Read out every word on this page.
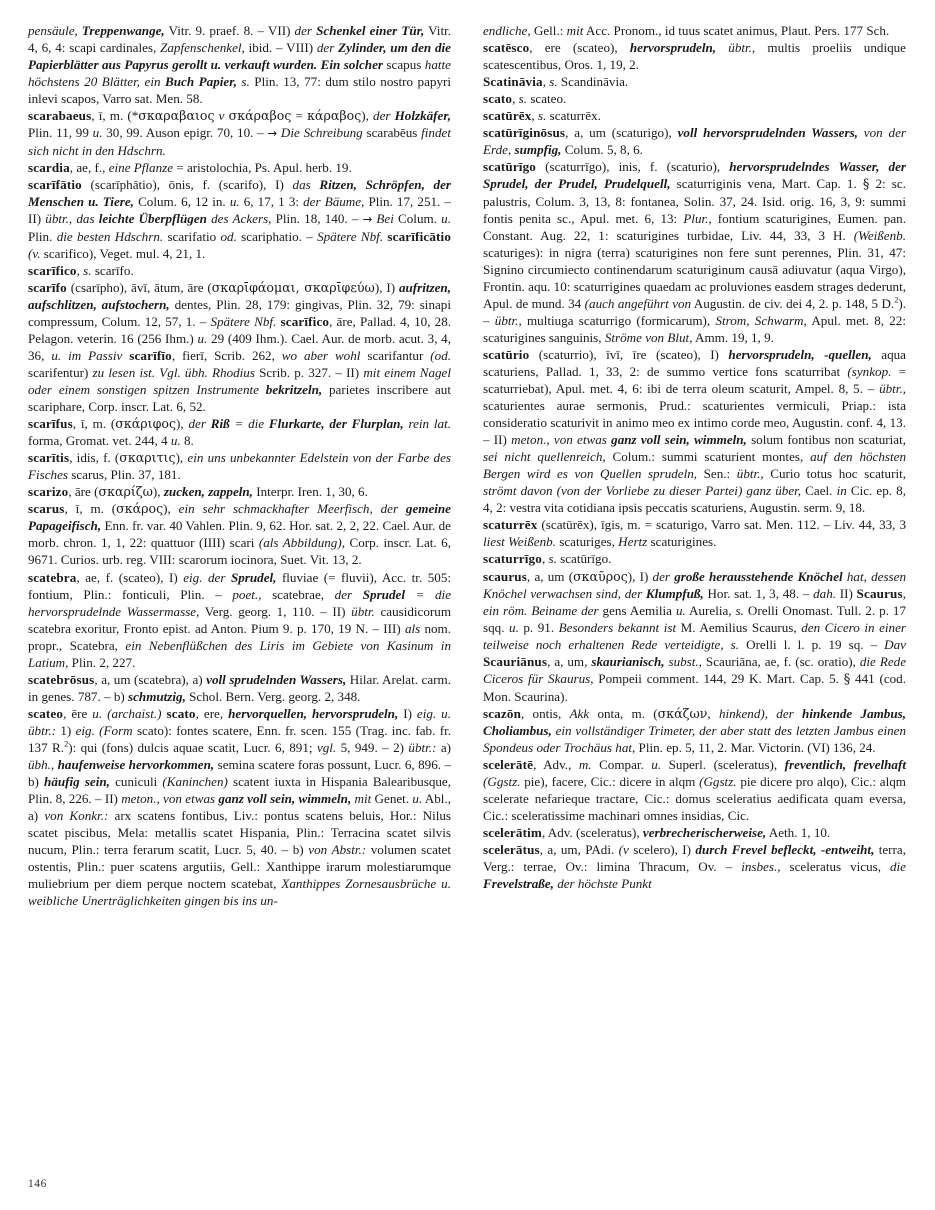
pensäule, Treppenwange, Vitr. 9. praef. 8. – VII) der Schenkel einer Tür, Vitr. 4, 6, 4: scapi cardinales, Zapfenschenkel, ibid. – VIII) der Zylinder, um den die Papierblätter aus Papyrus gerollt u. verkauft wurden. Ein solcher scapus hatte höchstens 20 Blätter, ein Buch Papier, s. Plin. 13, 77: dum stilo nostro papyri inlevi scapos, Varro sat. Men. 58.

scarabaeus, ī, m. (*σκαραβαιος ν σκάραβος = κάραβος), der Holzkäfer, Plin. 11, 99 u. 30, 99. Auson epigr. 70, 10. – → Die Schreibung scarabēus findet sich nicht in den Hdschrn.

scardia, ae, f., eine Pflanze = aristolochia, Ps. Apul. herb. 19.

scarīfātio (scarīphātio), ōnis, f. (scarifo), I) das Ritzen, Schröpfen, der Menschen u. Tiere, Colum. 6, 12 in. u. 6, 17, 1 3: der Bäume, Plin. 17, 251. – II) übtr., das leichte Überpflügen des Ackers, Plin. 18, 140. – → Bei Colum. u. Plin. die besten Hdschrn. scarifatio od. scariphatio. – Spätere Nbf. scarīficātio (v. scarifico), Veget. mul. 4, 21, 1.

scarīfico, s. scarīfo.

scarīfo (csarīpho), āvī, ātum, āre (σκαρῑφάομαι, σκαρῑφεύω), I) aufritzen, aufschlitzen, aufstochern, dentes, Plin. 28, 179: gingivas, Plin. 32, 79: sinapi compressum, Colum. 12, 57, 1. – Spätere Nbf. scarīfico, āre, Pallad. 4, 10, 28. Pelagon. veterin. 16 (256 Ihm.) u. 29 (409 Ihm.). Cael. Aur. de morb. acut. 3, 4, 36, u. im Passiv scarīfīo, fierī, Scrib. 262, wo aber wohl scarifantur (od. scarifentur) zu lesen ist. Vgl. übh. Rhodius Scrib. p. 327. – II) mit einem Nagel oder einem sonstigen spitzen Instrumente bekritzeln, parietes inscribere aut scariphare, Corp. inscr. Lat. 6, 52.

scarīfus, ī, m. (σκάριφος), der Riß = die Flurkarte, der Flurplan, rein lat. forma, Gromat. vet. 244, 4 u. 8.

scarītis, idis, f. (σκαριτις), ein uns unbekannter Edelstein von der Farbe des Fisches scarus, Plin. 37, 181.

scarizo, āre (σκαρίζω), zucken, zappeln, Interpr. Iren. 1, 30, 6.

scarus, ī, m. (σκάρος), ein sehr schmackhafter Meerfisch, der gemeine Papageifisch, Enn. fr. var. 40 Vahlen. Plin. 9, 62. Hor. sat. 2, 2, 22. Cael. Aur. de morb. chron. 1, 1, 22: quattuor (IIII) scari (als Abbildung), Corp. inscr. Lat. 6, 9671. Curios. urb. reg. VIII: scarorum iocinora, Suet. Vit. 13, 2.

scatebra, ae, f. (scateo), I) eig. der Sprudel, fluviae (= fluvii), Acc. tr. 505: fontium, Plin.: fonticuli, Plin. – poet., scatebrae, der Sprudel = die hervorsprudelnde Wassermasse, Verg. georg. 1, 110. – II) übtr. causidicorum scatebra exoritur, Fronto epist. ad Anton. Pium 9. p. 170, 19 N. – III) als nom. propr., Scatebra, ein Nebenflüßchen des Liris im Gebiete von Kasinum in Latium, Plin. 2, 227.

scatebrōsus, a, um (scatebra), a) voll sprudelnden Wassers, Hilar. Arelat. carm. in genes. 787. – b) schmutzig, Schol. Bern. Verg. georg. 2, 348.

scateo, ēre u. (archaist.) scato, ere, hervorquellen, hervorsprudeln, I) eig. u. übtr.: 1) eig. (Form scato): fontes scatere, Enn. fr. scen. 155 (Trag. inc. fab. fr. 137 R.$^2$): qui (fons) dulcis aquae scatit, Lucr. 6, 891; vgl. 5, 949. – 2) übtr.: a) übh., haufenweise hervorkommen, semina scatere foras possunt, Lucr. 6, 896. – b) häufig sein, cuniculi (Kaninchen) scatent iuxta in Hispania Balearibusque, Plin. 8, 226. – II) meton., von etwas ganz voll sein, wimmeln, mit Genet. u. Abl., a) von Konkr.: arx scatens fontibus, Liv.: pontus scatens beluis, Hor.: Nilus scatet piscibus, Mela: metallis scatet Hispania, Plin.: Terracina scatet silvis nucum, Plin.: terra ferarum scatit, Lucr. 5, 40. – b) von Abstr.: volumen scatet ostentis, Plin.: puer scatens argutiis, Gell.: Xanthippe irarum molestiarumque muliebrium per diem perque noctem scatebat, Xanthippes Zornesausbrüche u. weibliche Unerträglichkeiten gingen bis ins un-

endliche, Gell.: mit Acc. Pronom., id tuus scatet animus, Plaut. Pers. 177 Sch.

scatēsco, ere (scateo), hervorsprudeln, übtr., multis proeliis undique scatescentibus, Oros. 1, 19, 2.

Scatināvia, s. Scandināvia.

scato, s. scateo.

scatūrēx, s. scaturrēx.

scatūrīginōsus, a, um (scaturigo), voll hervorsprudelnden Wassers, von der Erde, sumpfig, Colum. 5, 8, 6.

scatūrīgo (scaturrīgo), inis, f. (scaturio), hervorsprudelndes Wasser, der Sprudel, der Prudel, Prudelquell, scaturriginis vena, Mart. Cap. 1. § 2: sc. palustris, Colum. 3, 13, 8: fontanea, Solin. 37, 24. Isid. orig. 16, 3, 9: summi fontis penita sc., Apul. met. 6, 13: Plur., fontium scaturigines, Eumen. pan. Constant. Aug. 22, 1: scaturigines turbidae, Liv. 44, 33, 3 H. (Weißenb. scaturiges): in nigra (terra) scaturigines non fere sunt perennes, Plin. 31, 47: Signino circumiecto continendarum scaturiginum causā adiuvatur (aqua Virgo), Frontin. aqu. 10: scaturrigines quaedam ac proluviones easdem strages dederunt, Apul. de mund. 34 (auch angeführt von Augustin. de civ. dei 4, 2. p. 148, 5 D.$^2$). – übtr., multiuga scaturrigo (formicarum), Strom, Schwarm, Apul. met. 8, 22: scaturigines sanguinis, Ströme von Blut, Amm. 19, 1, 9.

scatūrio (scaturrio), īvī, īre (scateo), I) hervorsprudeln, -quellen, aqua scaturiens, Pallad. 1, 33, 2: de summo vertice fons scaturribat (synkop. = scaturriebat), Apul. met. 4, 6: ibi de terra oleum scaturit, Ampel. 8, 5. – übtr., scaturientes aurae sermonis, Prud.: scaturientes vermiculi, Priap.: ista consideratio scaturivit in animo meo ex intimo corde meo, Augustin. conf. 4, 13. – II) meton., von etwas ganz voll sein, wimmeln, solum fontibus non scaturiat, sei nicht quellenreich, Colum.: summi scaturient montes, auf den höchsten Bergen wird es von Quellen sprudeln, Sen.: übtr., Curio totus hoc scaturit, strömt davon (von der Vorliebe zu dieser Partei) ganz über, Cael. in Cic. ep. 8, 4, 2: vestra vita cotidiana ipsis peccatis scaturiens, Augustin. serm. 9, 18.

scaturrēx (scatūrēx), īgis, m. = scaturigo, Varro sat. Men. 112. – Liv. 44, 33, 3 liest Weißenb. scaturiges, Hertz scaturigines.

scaturrīgo, s. scatūrīgo.

scaurus, a, um (σκαῦρος), I) der große herausstehende Knöchel hat, dessen Knöchel verwachsen sind, der Klumpfuß, Hor. sat. 1, 3, 48. – dah. II) Scaurus, ein röm. Beiname der gens Aemilia u. Aurelia, s. Orelli Onomast. Tull. 2. p. 17 sqq. u. p. 91. Besonders bekannt ist M. Aemilius Scaurus, den Cicero in einer teilweise noch erhaltenen Rede verteidigte, s. Orelli l. l. p. 19 sq. – Dav Scauriānus, a, um, skaurianisch, subst., Scauriāna, ae, f. (sc. oratio), die Rede Ciceros für Skaurus, Pompeii comment. 144, 29 K. Mart. Cap. 5. § 441 (cod. Mon. Scaurina).

scazōn, ontis, Akk onta, m. (σκάζων, hinkend), der hinkende Jambus, Choliambus, ein vollständiger Trimeter, der aber statt des letzten Jambus einen Spondeus oder Trochäus hat, Plin. ep. 5, 11, 2. Mar. Victorin. (VI) 136, 24.

scelerātē, Adv., m. Compar. u. Superl. (sceleratus), freventlich, frevelhaft (Ggstz. pie), facere, Cic.: dicere in alqm (Ggstz. pie dicere pro alqo), Cic.: alqm scelerate nefarieque tractare, Cic.: domus sceleratius aedificata quam eversa, Cic.: sceleratissime machinari omnes insidias, Cic.

scelerātim, Adv. (sceleratus), verbrecherischerweise, Aeth. 1, 10.

scelerātus, a, um, PAdi. (v scelero), I) durch Frevel befleckt, -entweiht, terra, Verg.: terrae, Ov.: limina Thracum, Ov. – insbes., sceleratus vicus, die Frevelstraße, der höchste Punkt

146
